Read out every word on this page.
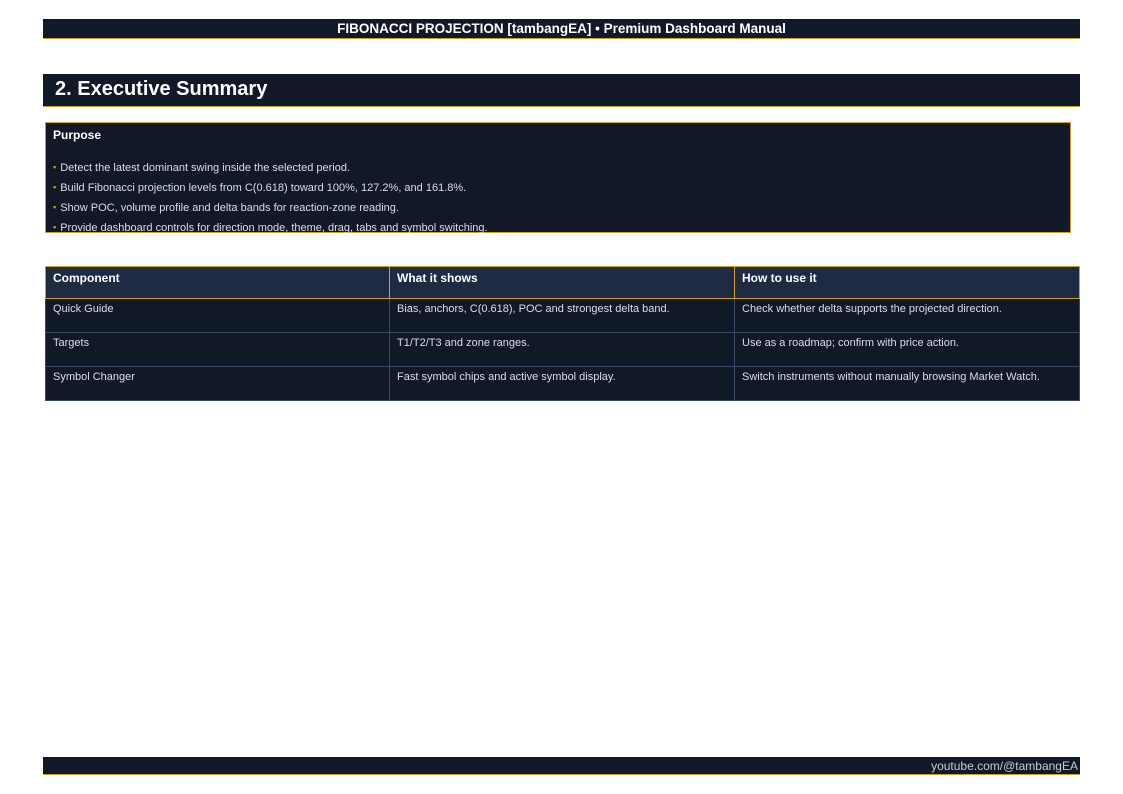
FIBONACCI PROJECTION [tambangEA] • Premium Dashboard Manual
2. Executive Summary
Purpose
▪ Detect the latest dominant swing inside the selected period.
▪ Build Fibonacci projection levels from C(0.618) toward 100%, 127.2%, and 161.8%.
▪ Show POC, volume profile and delta bands for reaction-zone reading.
▪ Provide dashboard controls for direction mode, theme, drag, tabs and symbol switching.
Component	What it shows	How to use it
Quick Guide	Bias, anchors, C(0.618), POC and strongest delta band.	Check whether delta supports the projected direction.
Targets	T1/T2/T3 and zone ranges.	Use as a roadmap; confirm with price action.
Symbol Changer	Fast symbol chips and active symbol display.	Switch instruments without manually browsing Market Watch.
youtube.com/@tambangEA
